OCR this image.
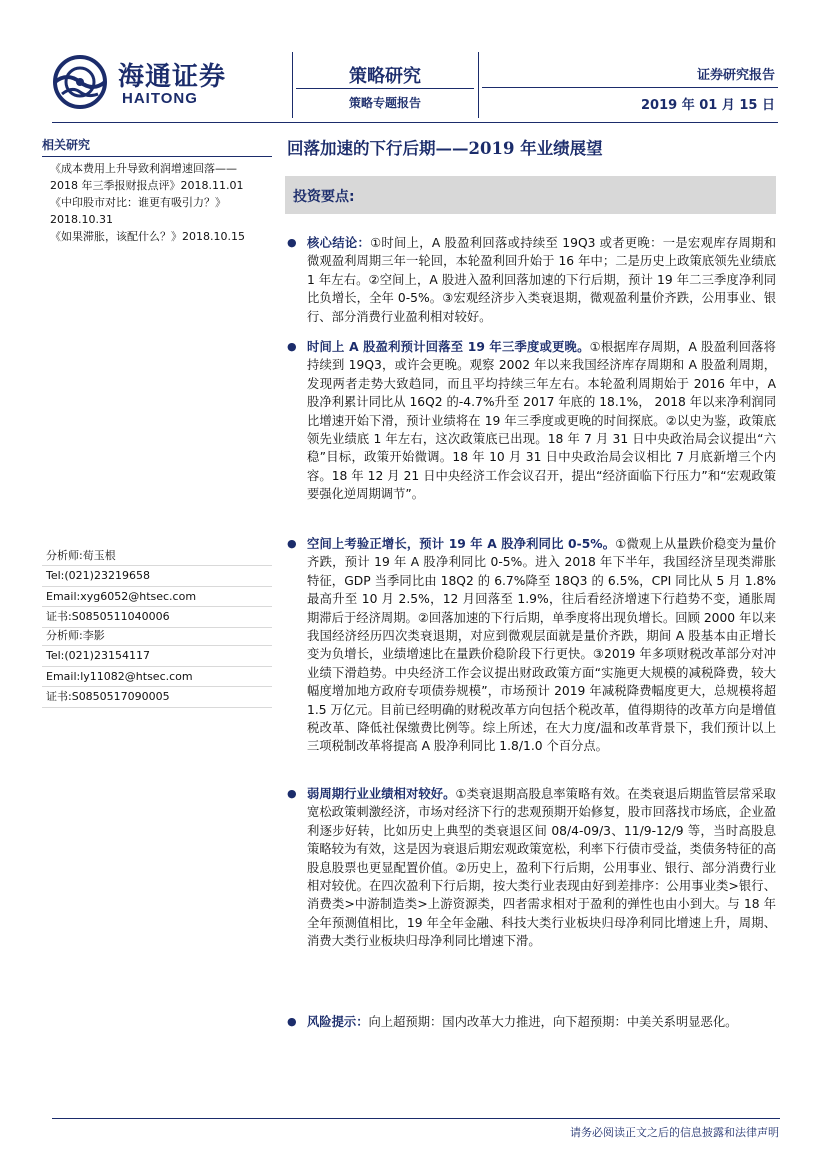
海通证券
HAITONG
策略研究
策略专题报告
证券研究报告
2019 年 01 月 15 日
相关研究
《成本费用上升导致利润增速回落——
2018 年三季报财报点评》2018.11.01
《中印股市对比：谁更有吸引力？》
2018.10.31
《如果滞胀，该配什么？》2018.10.15
分析师:荀玉根
Tel:(021)23219658
Email:xyg6052@htsec.com
证书:S0850511040006
分析师:李影
Tel:(021)23154117
Email:ly11082@htsec.com
证书:S0850517090005
回落加速的下行后期——2019 年业绩展望
投资要点:
● 核心结论：①时间上，A 股盈利回落或持续至 19Q3 或者更晚：一是宏观库存周期和微观盈利周期三年一轮回，本轮盈利回升始于 16 年中；二是历史上政策底领先业绩底 1 年左右。②空间上，A 股进入盈利回落加速的下行后期，预计 19 年二三季度净利同比负增长，全年 0-5%。③宏观经济步入类衰退期，微观盈利量价齐跌，公用事业、银行、部分消费行业盈利相对较好。
● 时间上 A 股盈利预计回落至 19 年三季度或更晚。①根据库存周期，A 股盈利回落将持续到 19Q3，或许会更晚。观察 2002 年以来我国经济库存周期和 A 股盈利周期，发现两者走势大致趋同，而且平均持续三年左右。本轮盈利周期始于 2016 年中，A 股净利累计同比从 16Q2 的-4.7%升至 2017 年底的 18.1%， 2018 年以来净利润同比增速开始下滑，预计业绩将在 19 年三季度或更晚的时间探底。②以史为鉴，政策底领先业绩底 1 年左右，这次政策底已出现。18 年 7 月 31 日中央政治局会议提出“六稳”目标，政策开始微调。18 年 10 月 31 日中央政治局会议相比 7 月底新增三个内容。18 年 12 月 21 日中央经济工作会议召开，提出“经济面临下行压力”和“宏观政策要强化逆周期调节”。
● 空间上考验正增长，预计 19 年 A 股净利同比 0-5%。①微观上从量跌价稳变为量价齐跌，预计 19 年 A 股净利同比 0-5%。进入 2018 年下半年，我国经济呈现类滞胀特征，GDP 当季同比由 18Q2 的 6.7%降至 18Q3 的 6.5%，CPI 同比从 5 月 1.8%最高升至 10 月 2.5%，12 月回落至 1.9%，往后看经济增速下行趋势不变，通胀周期滞后于经济周期。②回落加速的下行后期，单季度将出现负增长。回顾 2000 年以来我国经济经历四次类衰退期，对应到微观层面就是量价齐跌，期间 A 股基本由正增长变为负增长，业绩增速比在量跌价稳阶段下行更快。③2019 年多项财税改革部分对冲业绩下滑趋势。中央经济工作会议提出财政政策方面“实施更大规模的减税降费，较大幅度增加地方政府专项债券规模”，市场预计 2019 年减税降费幅度更大，总规模将超 1.5 万亿元。目前已经明确的财税改革方向包括个税改革，值得期待的改革方向是增值税改革、降低社保缴费比例等。综上所述，在大力度/温和改革背景下，我们预计以上三项税制改革将提高 A 股净利同比 1.8/1.0 个百分点。
● 弱周期行业业绩相对较好。①类衰退期高股息率策略有效。在类衰退后期监管层常采取宽松政策刺激经济，市场对经济下行的悲观预期开始修复，股市回落找市场底，企业盈利逐步好转，比如历史上典型的类衰退区间 08/4-09/3、11/9-12/9 等，当时高股息策略较为有效，这是因为衰退后期宏观政策宽松，利率下行债市受益，类债务特征的高股息股票也更显配置价值。②历史上，盈利下行后期，公用事业、银行、部分消费行业相对较优。在四次盈利下行后期，按大类行业表现由好到差排序：公用事业类>银行、消费类>中游制造类>上游资源类，四者需求相对于盈利的弹性也由小到大。与 18 年全年预测值相比，19 年全年金融、科技大类行业板块归母净利同比增速上升，周期、消费大类行业板块归母净利同比增速下滑。
● 风险提示：向上超预期：国内改革大力推进，向下超预期：中美关系明显恶化。
请务必阅读正文之后的信息披露和法律声明
